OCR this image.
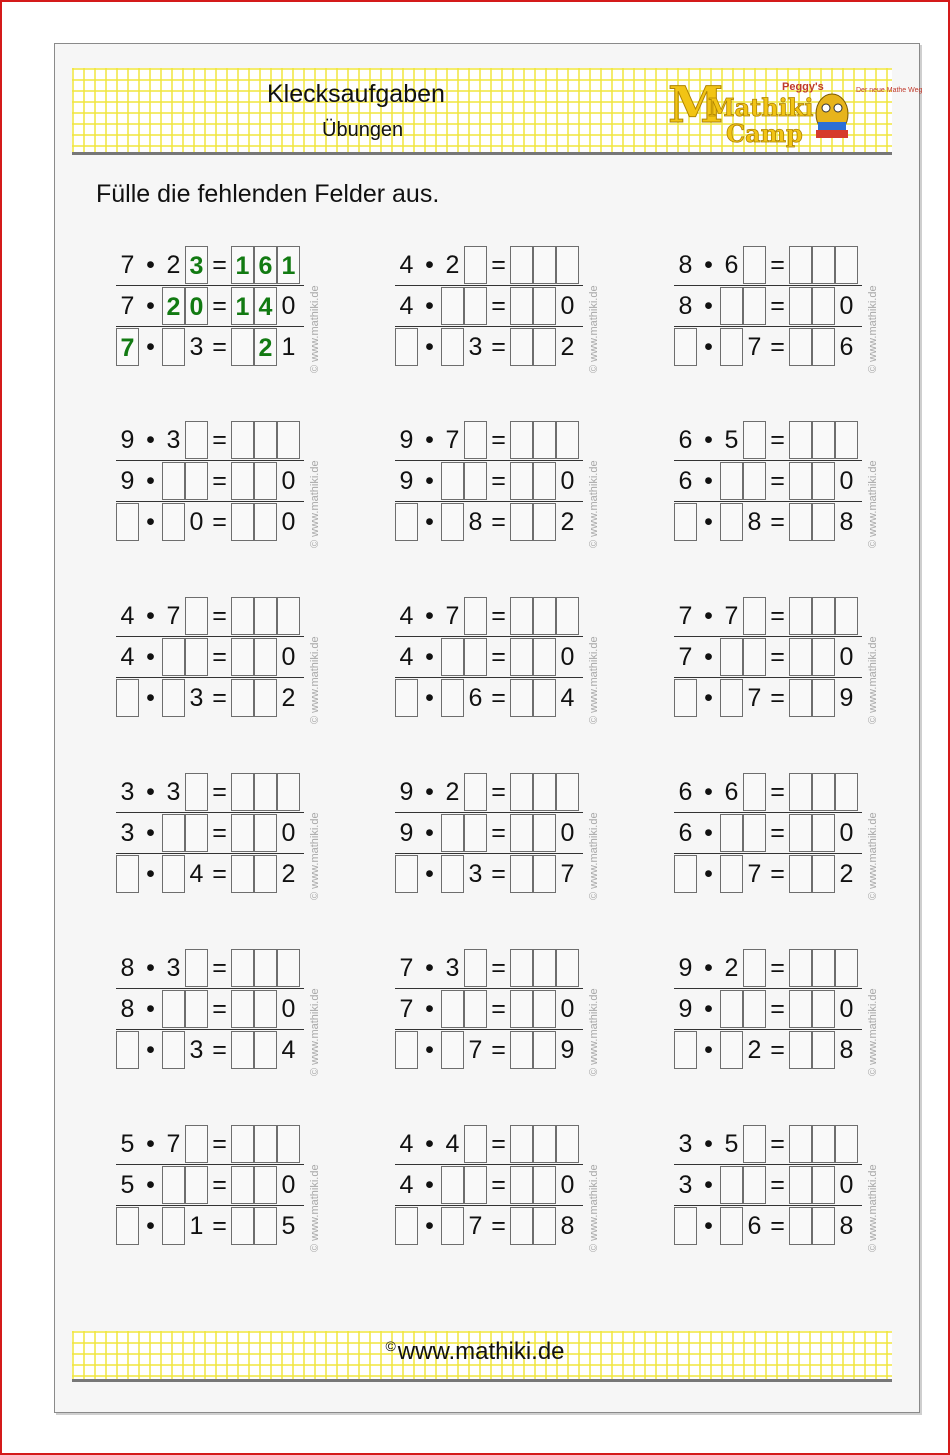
Klecksaufgaben
Übungen	M
Mathiki
Camp
Peggy's	Der neue Mathe Weg
Fülle die fehlenden Felder aus.
7 • 2 3 = 1 6 1
7 • 2 0 = 1 4 0
7 • 3 = 2 1	© www.mathiki.de
4 • 2 =
4 • = 0
• 3 = 2	© www.mathiki.de
8 • 6 =
8 • = 0
• 7 = 6	© www.mathiki.de
9 • 3 =
9 • = 0
• 0 = 0	© www.mathiki.de
9 • 7 =
9 • = 0
• 8 = 2	© www.mathiki.de
6 • 5 =
6 • = 0
• 8 = 8	© www.mathiki.de
4 • 7 =
4 • = 0
• 3 = 2	© www.mathiki.de
4 • 7 =
4 • = 0
• 6 = 4	© www.mathiki.de
7 • 7 =
7 • = 0
• 7 = 9	© www.mathiki.de
3 • 3 =
3 • = 0
• 4 = 2	© www.mathiki.de
9 • 2 =
9 • = 0
• 3 = 7	© www.mathiki.de
6 • 6 =
6 • = 0
• 7 = 2	© www.mathiki.de
8 • 3 =
8 • = 0
• 3 = 4	© www.mathiki.de
7 • 3 =
7 • = 0
• 7 = 9	© www.mathiki.de
9 • 2 =
9 • = 0
• 2 = 8	© www.mathiki.de
5 • 7 =
5 • = 0
• 1 = 5	© www.mathiki.de
4 • 4 =
4 • = 0
• 7 = 8	© www.mathiki.de
3 • 5 =
3 • = 0
• 6 = 8	© www.mathiki.de
©www.mathiki.de
